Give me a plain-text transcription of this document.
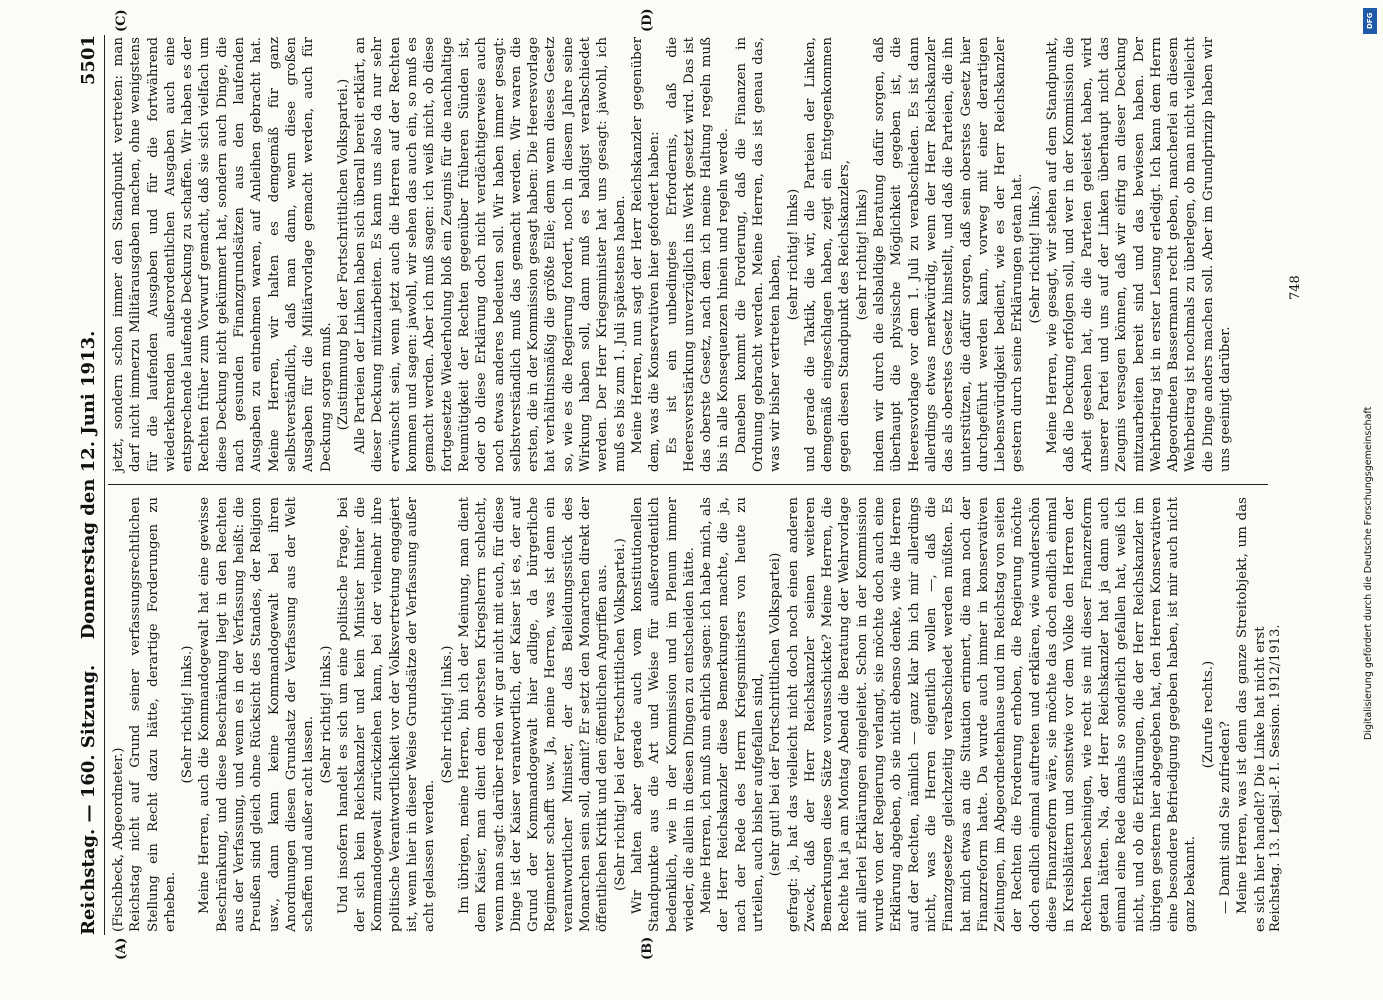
Reichstag. — 160. Sitzung.
Donnerstag den 12. Juni 1913.
5501
(A)	(B)
(C)	(D)

(Fischbeck, Abgeordneter.) Reichstag nicht auf Grund seiner verfassungsrechtlichen Stellung ein Recht dazu hätte, derartige Forderungen zu erheben.

(Sehr richtig! links.) Meine Herren, auch die Kommandogewalt hat eine gewisse Beschränkung, und diese Beschränkung liegt in den Rechten aus der Verfassung, und wenn es in der Verfassung heißt: die Preußen sind gleich ohne Rücksicht des Standes, der Religion usw., dann kann keine Kommandogewalt bei ihren Anordnungen diesen Grundsatz der Verfassung aus der Welt schaffen und außer acht lassen.

(Sehr richtig! links.) Und insofern handelt es sich um eine politische Frage, bei der sich kein Reichskanzler und kein Minister hinter die Kommandogewalt zurückziehen kann, bei der vielmehr ihre politische Verantwortlichkeit vor der Volksvertretung engagiert ist, wenn hier in dieser Weise Grundsätze der Verfassung außer acht gelassen werden.

(Sehr richtig! links.) Im übrigen, meine Herren, bin ich der Meinung, man dient dem Kaiser, man dient dem obersten Kriegsherrn schlecht, wenn man sagt: darüber reden wir gar nicht mit euch, für diese Dinge ist der Kaiser verantwortlich, der Kaiser ist es, der auf Grund der Kommandogewalt hier adlige, da bürgerliche Regimenter schafft usw. Ja, meine Herren, was ist denn ein verantwortlicher Minister, der das Beileidungsstück des Monarchen sein soll, damit? Er setzt den Monarchen direkt der öffentlichen Kritik und den öffentlichen Angriffen aus. (Sehr richtig! bei der Fortschrittlichen Volkspartei.) Wir halten aber gerade auch vom konstitutionellen Standpunkte aus die Art und Weise für außerordentlich bedenklich, wie in der Kommission und im Plenum immer wieder, die allein in diesen Dingen zu entscheiden hätte. Meine Herren, ich muß nun ehrlich sagen: ich habe mich, als der Herr Reichskanzler diese Bemerkungen machte, die ja, nach der Rede des Herrn Kriegsministers von heute zu urteilen, auch bisher aufgefallen sind, (sehr gut! bei der Fortschrittlichen Volkspartei) gefragt: ja, hat das vielleicht nicht doch noch einen anderen Zweck, daß der Herr Reichskanzler seinen weiteren Bemerkungen diese Sätze vorausschickte? Meine Herren, die Rechte hat ja am Montag Abend die Beratung der Wehrvorlage mit allerlei Erklärungen eingeleitet. Schon in der Kommission wurde von der Regierung verlangt, sie möchte doch auch eine Erklärung abgeben, ob sie nicht ebenso denke, wie die Herren auf der Rechten, nämlich — ganz klar bin ich mir allerdings nicht, was die Herren eigentlich wollen —, daß die Finanzgesetze gleichzeitig verabschiedet werden müßten. Es hat mich etwas an die Situation erinnert, die man noch der Finanzreform hatte. Da wurde auch immer in konservativen Zeitungen, im Abgeordnetenhause und im Reichstag von seiten der Rechten die Forderung erhoben, die Regierung möchte doch endlich einmal auftreten und erklären, wie wunderschön diese Finanzreform wäre, sie möchte das doch endlich einmal in Kreisblättern und sonstwie vor dem Volke den Herren der Rechten bescheinigen, wie recht sie mit dieser Finanzreform getan hätten. Na, der Herr Reichskanzler hat ja dann auch einmal eine Rede damals so sonderlich gefallen hat, weiß ich nicht, und ob die Erklärungen, die der Herr Reichskanzler im übrigen gestern hier abgegeben hat, den Herren Konservativen eine besondere Befriedigung gegeben haben, ist mir auch nicht ganz bekannt.

(Zurufe rechts.)

— Damit sind Sie zufrieden? Meine Herren, was ist denn das ganze Streitobjekt, um das es sich hier handelt? Die Linke hat nicht erst

jetzt, sondern schon immer den Standpunkt vertreten: man darf nicht immerzu Militärausgaben machen, ohne wenigstens für die laufenden Ausgaben und für die fortwährend wiederkehrenden außerordentlichen Ausgaben auch eine entsprechende laufende Deckung zu schaffen. Wir haben es der Rechten früher zum Vorwurf gemacht, daß sie sich vielfach um diese Deckung nicht gekümmert hat, sondern auch Dinge, die nach gesunden Finanzgrundsätzen aus den laufenden Ausgaben zu entnehmen waren, auf Anleihen gebracht hat. Meine Herren, wir halten es demgemäß für ganz selbstverständlich, daß man dann, wenn diese großen Ausgaben für die Militärvorlage gemacht werden, auch für Deckung sorgen muß. (Zustimmung bei der Fortschrittlichen Volkspartei.) Alle Parteien der Linken haben sich überall bereit erklärt, an dieser Deckung mitzuarbeiten. Es kann uns also da nur sehr erwünscht sein, wenn jetzt auch die Herren auf der Rechten kommen und sagen: jawohl, wir sehen das auch ein, so muß es gemacht werden. Aber ich muß sagen: ich weiß nicht, ob diese fortgesetzte Wiederholung bloß ein Zeugnis für die nachhaltige Reumütigkeit der Rechten gegenüber früheren Sünden ist, oder ob diese Erklärung doch nicht verdächtigerweise auch noch etwas anderes bedeuten soll. Wir haben immer gesagt: selbstverständlich muß das gemacht werden. Wir waren die ersten, die in der Kommission gesagt haben: Die Heeresvorlage hat verhältnismäßig die größte Eile; denn wenn dieses Gesetz so, wie es die Regierung fordert, noch in diesem Jahre seine Wirkung haben soll, dann muß es baldigst verabschiedet werden. Der Herr Kriegsminister hat uns gesagt: jawohl, ich muß es bis zum 1. Juli spätestens haben. Meine Herren, nun sagt der Herr Reichskanzler gegenüber dem, was die Konservativen hier gefordert haben: Es ist ein unbedingtes Erfordernis, daß die Heeresverstärkung unverzüglich ins Werk gesetzt wird. Das ist das oberste Gesetz, nach dem ich meine Haltung regeln muß bis in alle Konsequenzen hinein und regeln werde. Daneben kommt die Forderung, daß die Finanzen in Ordnung gebracht werden. Meine Herren, das ist genau das, was wir bisher vertreten haben, (sehr richtig! links) und gerade die Taktik, die wir, die Parteien der Linken, demgemäß eingeschlagen haben, zeigt ein Entgegenkommen gegen diesen Standpunkt des Reichskanzlers, (sehr richtig! links) indem wir durch die alsbaldige Beratung dafür sorgen, daß überhaupt die physische Möglichkeit gegeben ist, die Heeresvorlage vor dem 1. Juli zu verabschieden. Es ist dann allerdings etwas merkwürdig, wenn der Herr Reichskanzler das als oberstes Gesetz hinstellt, und daß die Parteien, die ihn unterstützen, die dafür sorgen, daß sein oberstes Gesetz hier durchgeführt werden kann, vorweg mit einer derartigen Liebenswürdigkeit bedient, wie es der Herr Reichskanzler gestern durch seine Erklärungen getan hat. (Sehr richtig! links.) Meine Herren, wie gesagt, wir stehen auf dem Standpunkt, daß die Deckung erfolgen soll, und wer in der Kommission die Arbeit gesehen hat, die die Parteien geleistet haben, wird unserer Partei und uns auf der Linken überhaupt nicht das Zeugnis versagen können, daß wir eifrig an dieser Deckung mitzuarbeiten bereit sind und das bewiesen haben. Der Wehrbeitrag ist in erster Lesung erledigt. Ich kann dem Herrn Abgeordneten Bassermann recht geben, mancherlei an diesem Wehrbeitrag ist nochmals zu überlegen, ob man nicht vielleicht die Dinge anders machen soll. Aber im Grundprinzip haben wir uns geeinigt darüber.

Reichstag. 13. Legisl.-P. I. Session. 1912/1913.
748
DFG
Digitalisierung gefördert durch die Deutsche Forschungsgemeinschaft
